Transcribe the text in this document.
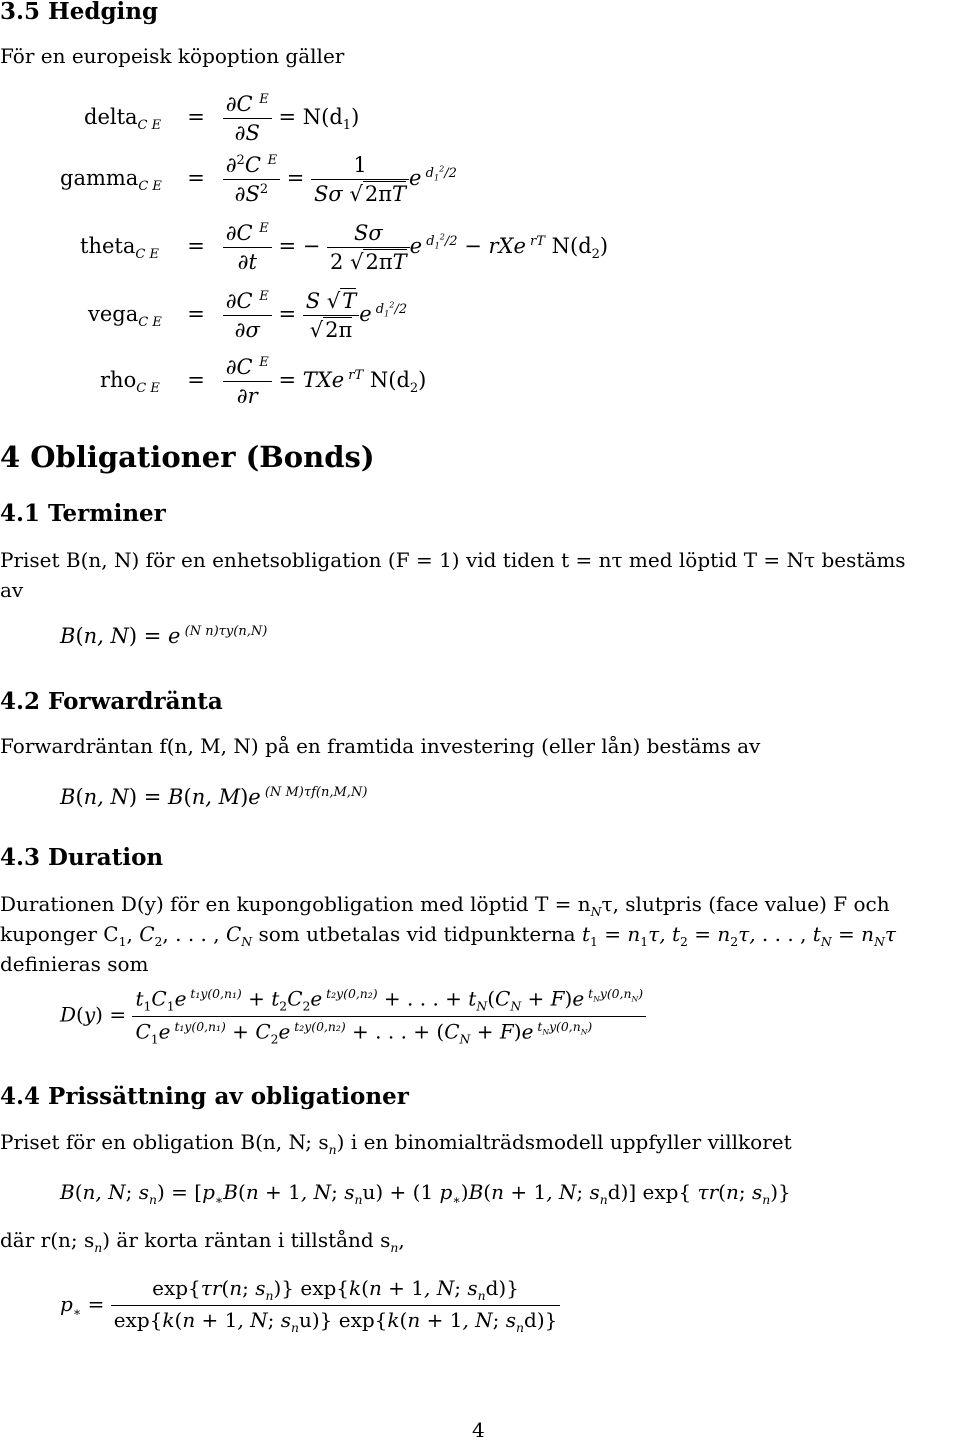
3.5 Hedging
För en europeisk köpoption gäller
delta$_{C E}$ = $\frac{\partial C ^E}{\partial S} = N(d_1)$
gamma$_{C E}$ = $\frac{\partial^2C ^E}{\partial S^2} = \frac{1}{S\sigma √2\pi T}$ e $^{d_1^2/2}$
theta$_{C E}$ = $\frac{\partial C ^E}{\partial t}$ = − $\frac{S\sigma}{2 √2\pi T}$ e $^{d_1^2/2}$ − rXe $^{rT}$ $N(d_2)$
vega$_{C E}$ = $\frac{\partial C ^E}{\partial\sigma} = \frac{S √T}{√2\pi}$ e $^{d_1^2/2}$
$rho_{C E} = \frac{\partial C ^E}{\partial r}$ = TXe $^{rT}$ $N(d_2)$
4 Obligationer (Bonds)
4.1 Terminer
Priset B(n, N) för en enhetsobligation (F = 1) vid tiden t = nτ med löptid T = Nτ bestäms
av
B(n, N) = e $^{(N n)\tau y(n,N)}$
4.2 Forwardränta
Forwardräntan f(n, M, N) på en framtida investering (eller lån) bestäms av
B(n, N) = B(n, M)e $^{(N M)\tau f(n,M,N)}$
4.3 Duration
Durationen D(y) för en kupongobligation med löptid $T = n_N\tau$, slutpris (face value) F och
kuponger $C_1$, $C_2$, . . . , $C_N$ som utbetalas vid tidpunkterna $t_1 = n_1\tau$, $t_2 = n_2\tau$, . . . , $t_N = n_N\tau$
definieras som
D(y) =
$t_1C_1e$ $^{t_1y(0,n_1)} + t_2C_2e$ $^{t_2y(0,n_2)}$ + . . . + $t_N(C_N + F)e$ $^{t_Ny(0,n_N)}$
$C_1e$ $^{t_1y(0,n_1)} + C_2e$ $^{t_2y(0,n_2)}$ + . . . + $(C_N + F)e$ $^{t_Ny(0,n_N)}$
4.4 Prissättning av obligationer
Priset för en obligation B(n, N; $s_n$) i en binomialträdsmodell uppfyller villkoret
B(n, N; $s_n) = [p_∗B(n + 1$, N; $s_nu) + (1$ $p_∗)B(n + 1$, N; $s_nd$)] exp{ τr(n; $s_n$)}
där r(n; $s_n$) är korta räntan i tillstånd $s_n$,
$p_∗ = \frac{\exp\{\tau r(n; s_n)\} \exp\{k(n + 1, N; s_nd)\}}{\exp\{k(n + 1, N; s_nu)\} \exp\{k(n + 1, N; s_nd)\}}$
4
